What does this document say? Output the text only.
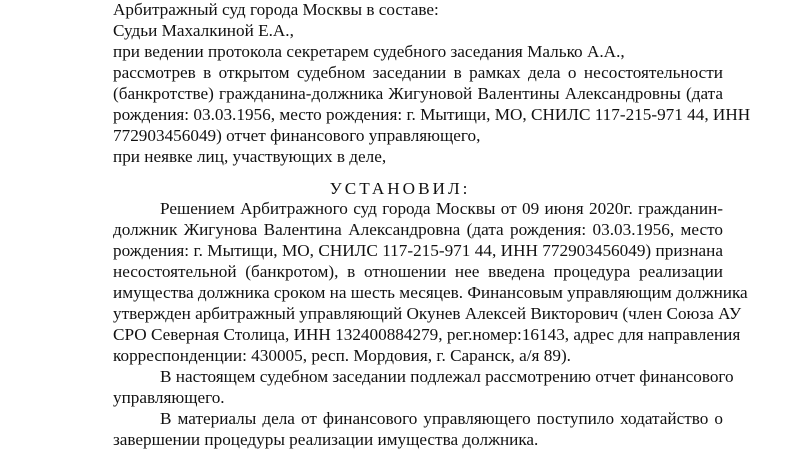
Арбитражный суд города Москвы в составе:
Судьи Махалкиной Е.А.,
при ведении протокола секретарем судебного заседания Малько А.А.,
рассмотрев в открытом судебном заседании в рамках дела о несостоятельности
(банкротстве) гражданина-должника Жигуновой Валентины Александровны (дата
рождения: 03.03.1956, место рождения: г. Мытищи, МО, СНИЛС 117-215-971 44, ИНН
772903456049) отчет финансового управляющего,
при неявке лиц, участвующих в деле,
УСТАНОВИЛ:
Решением Арбитражного суд города Москвы от 09 июня 2020г. гражданин-
должник Жигунова Валентина Александровна (дата рождения: 03.03.1956, место
рождения: г. Мытищи, МО, СНИЛС 117-215-971 44, ИНН 772903456049) признана
несостоятельной (банкротом), в отношении нее введена процедура реализации
имущества должника сроком на шесть месяцев. Финансовым управляющим должника
утвержден арбитражный управляющий Окунев Алексей Викторович (член Союза АУ
СРО Северная Столица, ИНН 132400884279, рег.номер:16143, адрес для направления
корреспонденции: 430005, респ. Мордовия, г. Саранск, а/я 89).
В настоящем судебном заседании подлежал рассмотрению отчет финансового
управляющего.
В материалы дела от финансового управляющего поступило ходатайство о
завершении процедуры реализации имущества должника.
